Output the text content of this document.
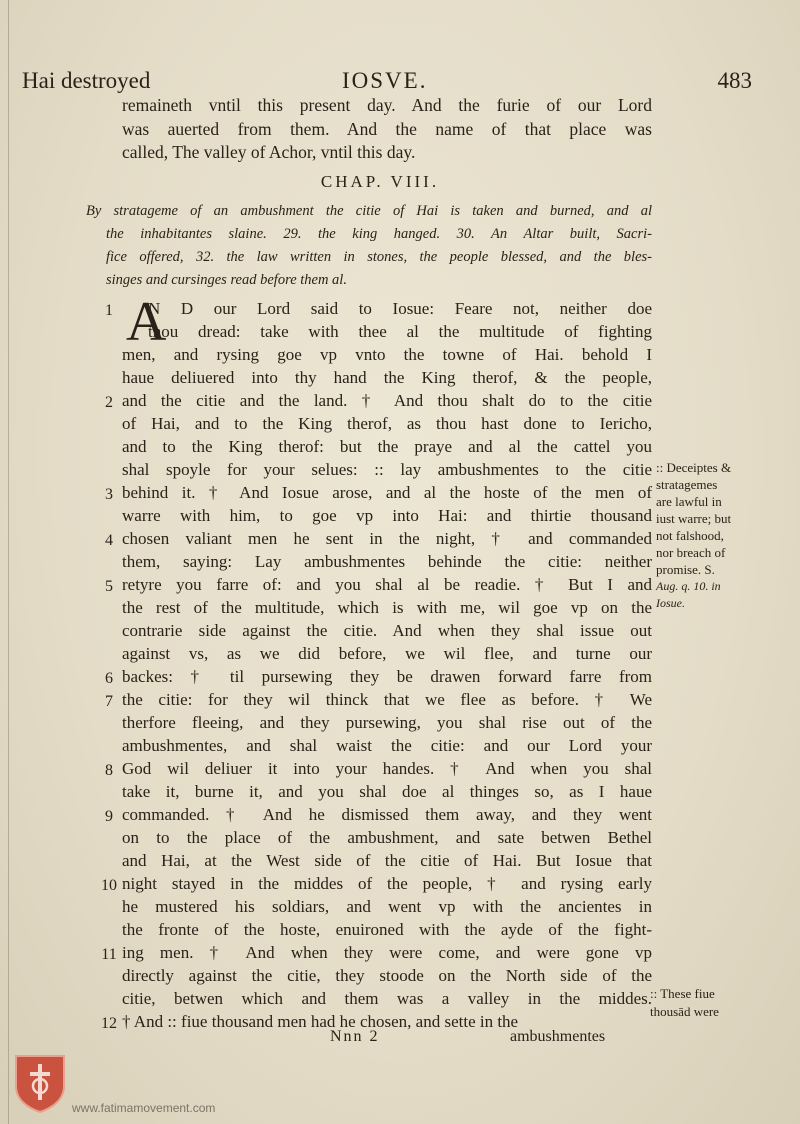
Hai destroyed	IOSVE.	483
remaineth vntil this present day. And the furie of our Lord
was auerted from them. And the name of that place was
called, The valley of Achor, vntil this day.
CHAP. VIII.
By stratageme of an ambushment the citie of Hai is taken and burned, and al
the inhabitantes slaine. 29. the king hanged. 30. An Altar built, Sacri-
fice offered, 32. the law written in stones, the people blessed, and the bles-
singes and cursinges read before them al.
A
N D our Lord said to Iosue: Feare not, neither doe
thou dread: take with thee al the multitude of fighting
men, and rysing goe vp vnto the towne of Hai. behold I
haue deliuered into thy hand the King therof, & the people,
and the citie and the land. † And thou shalt do to the citie
of Hai, and to the King therof, as thou hast done to Iericho,
and to the King therof: but the praye and al the cattel you
shal spoyle for your selues: :: lay ambushmentes to the citie
behind it. † And Iosue arose, and al the hoste of the men of
warre with him, to goe vp into Hai: and thirtie thousand
chosen valiant men he sent in the night, † and commanded
them, saying: Lay ambushmentes behinde the citie: neither
retyre you farre of: and you shal al be readie. † But I and
the rest of the multitude, which is with me, wil goe vp on the
contrarie side against the citie. And when they shal issue out
against vs, as we did before, we wil flee, and turne our
backes: † til pursewing they be drawen forward farre from
the citie: for they wil thinck that we flee as before. † We
therfore fleeing, and they pursewing, you shal rise out of the
ambushmentes, and shal waist the citie: and our Lord your
God wil deliuer it into your handes. † And when you shal
take it, burne it, and you shal doe al thinges so, as I haue
commanded. † And he dismissed them away, and they went
on to the place of the ambushment, and sate betwen Bethel
and Hai, at the West side of the citie of Hai. But Iosue that
night stayed in the middes of the people, † and rysing early
he mustered his soldiars, and went vp with the ancientes in
the fronte of the hoste, enuironed with the ayde of the fight-
ing men. † And when they were come, and were gone vp
directly against the citie, they stoode on the North side of the
citie, betwen which and them was a valley in the middes.
† And :: fiue thousand men had he chosen, and sette in the
1
2
3
4
5
6
7
8
9
10
11
12
:: Deceiptes &
stratagemes
are lawful in
iust warre; but
not falshood,
nor breach of
promise. S.
Aug. q. 10. in
Iosue.
:: These fiue
thousād were
Nnn 2	ambushmentes
www.fatimamovement.com
